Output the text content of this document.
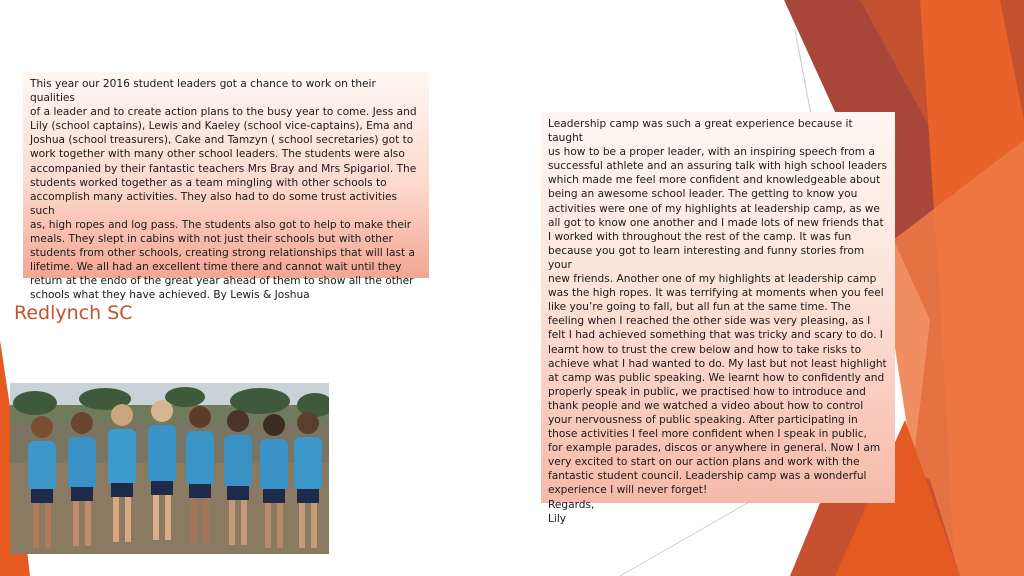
This year our 2016 student leaders got a chance to work on their qualities
of a leader and to create action plans to the busy year to come. Jess and
Lily (school captains), Lewis and Kaeley (school vice-captains), Ema and
Joshua (school treasurers), Cake and Tamzyn ( school secretaries) got to
work together with many other school leaders. The students were also
accompanied by their fantastic teachers Mrs Bray and Mrs Spigariol. The
students worked together as a team mingling with other schools to
accomplish many activities. They also had to do some trust activities such
as, high ropes and log pass. The students also got to help to make their
meals. They slept in cabins with not just their schools but with other
students from other schools, creating strong relationships that will last a
lifetime. We all had an excellent time there and cannot wait until they
return at the endo of the great year ahead of them to show all the other
schools what they have achieved. By Lewis & Joshua
Redlynch SC
Leadership camp was such a great experience because it taught
us how to be a proper leader, with an inspiring speech from a
successful athlete and an assuring talk with high school leaders
which made me feel more confident and knowledgeable about
being an awesome school leader. The getting to know you
activities were one of my highlights at leadership camp, as we
all got to know one another and I made lots of new friends that
I worked with throughout the rest of the camp. It was fun
because you got to learn interesting and funny stories from your
new friends. Another one of my highlights at leadership camp
was the high ropes. It was terrifying at moments when you feel
like you’re going to fall, but all fun at the same time. The
feeling when I reached the other side was very pleasing, as I
felt I had achieved something that was tricky and scary to do. I
learnt how to trust the crew below and how to take risks to
achieve what I had wanted to do. My last but not least highlight
at camp was public speaking. We learnt how to confidently and
properly speak in public, we practised how to introduce and
thank people and we watched a video about how to control
your nervousness of public speaking. After participating in
those activities I feel more confident when I speak in public,
for example parades, discos or anywhere in general. Now I am
very excited to start on our action plans and work with the
fantastic student council. Leadership camp was a wonderful
experience I will never forget!
Regards,
Lily
